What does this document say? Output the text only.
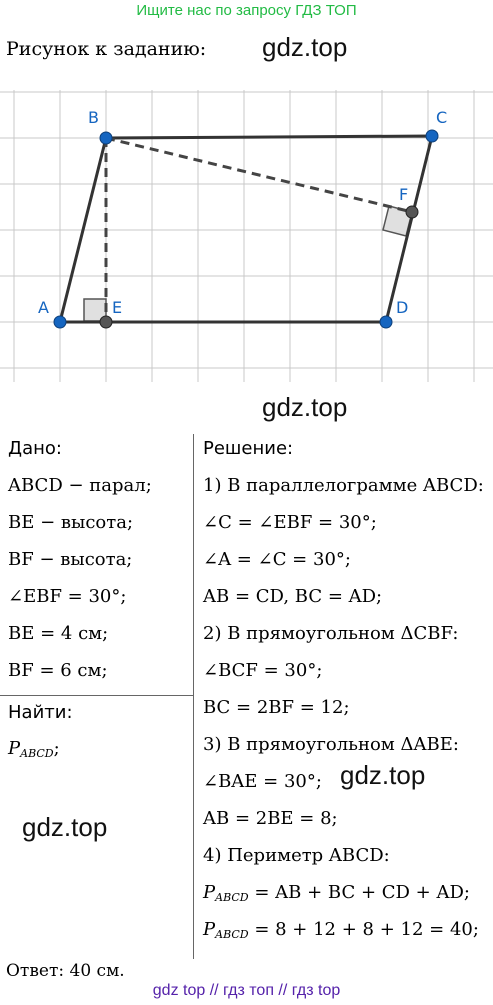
Ищите нас по запросу ГДЗ ТОП
Рисунок к заданию: gdz.top
A
B	C
D
E
F
gdz.top
Дано:
ABCD − парал;
BE − высота;
BF − высота;
∠EBF = 30°;
BE = 4 см;
BF = 6 см;
Найти:
$P_{ABCD}$;
gdz.top
Решение:
1) В параллелограмме ABCD:
∠C = ∠EBF = 30°;
∠A = ∠C = 30°;
AB = CD, BC = AD;
2) В прямоугольном ΔCBF:
∠BCF = 30°;
BC = 2BF = 12;
3) В прямоугольном ΔABE:
∠BAE = 30°;
AB = 2BE = 8;
4) Периметр ABCD:
$P_{ABCD}$ = AB + BC + CD + AD;
$P_{ABCD} = 8 + 12 + 8 + 12 = 40$;
gdz.top
Ответ: 40 см.
gdz top // гдз топ // гдз top
